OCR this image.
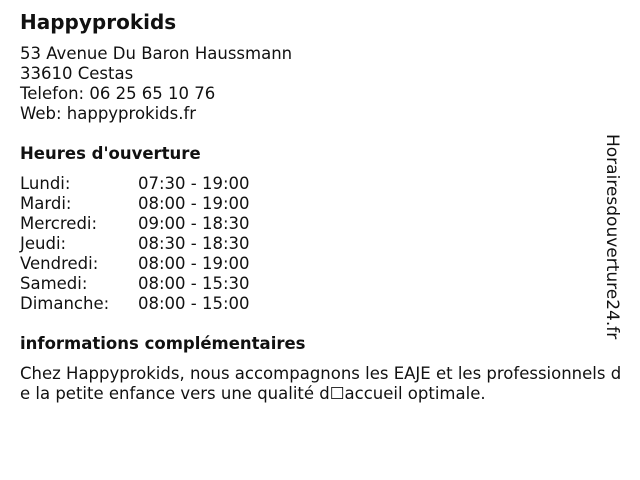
Happyprokids
53 Avenue Du Baron Haussmann
33610 Cestas
Telefon: 06 25 65 10 76
Web: happyprokids.fr
Heures d'ouverture
Lundi:	07:30 - 19:00
Mardi:	08:00 - 19:00
Mercredi: 09:00 - 18:30
Jeudi:	08:30 - 18:30
Vendredi: 08:00 - 19:00
Samedi:	08:00 - 15:30
Dimanche: 08:00 - 15:00
informations complémentaires
Chez Happyprokids, nous accompagnons les EAJE et les professionnels de la petite enfance vers une qualité d☐accueil optimale.
Horairesdouverture24.fr
